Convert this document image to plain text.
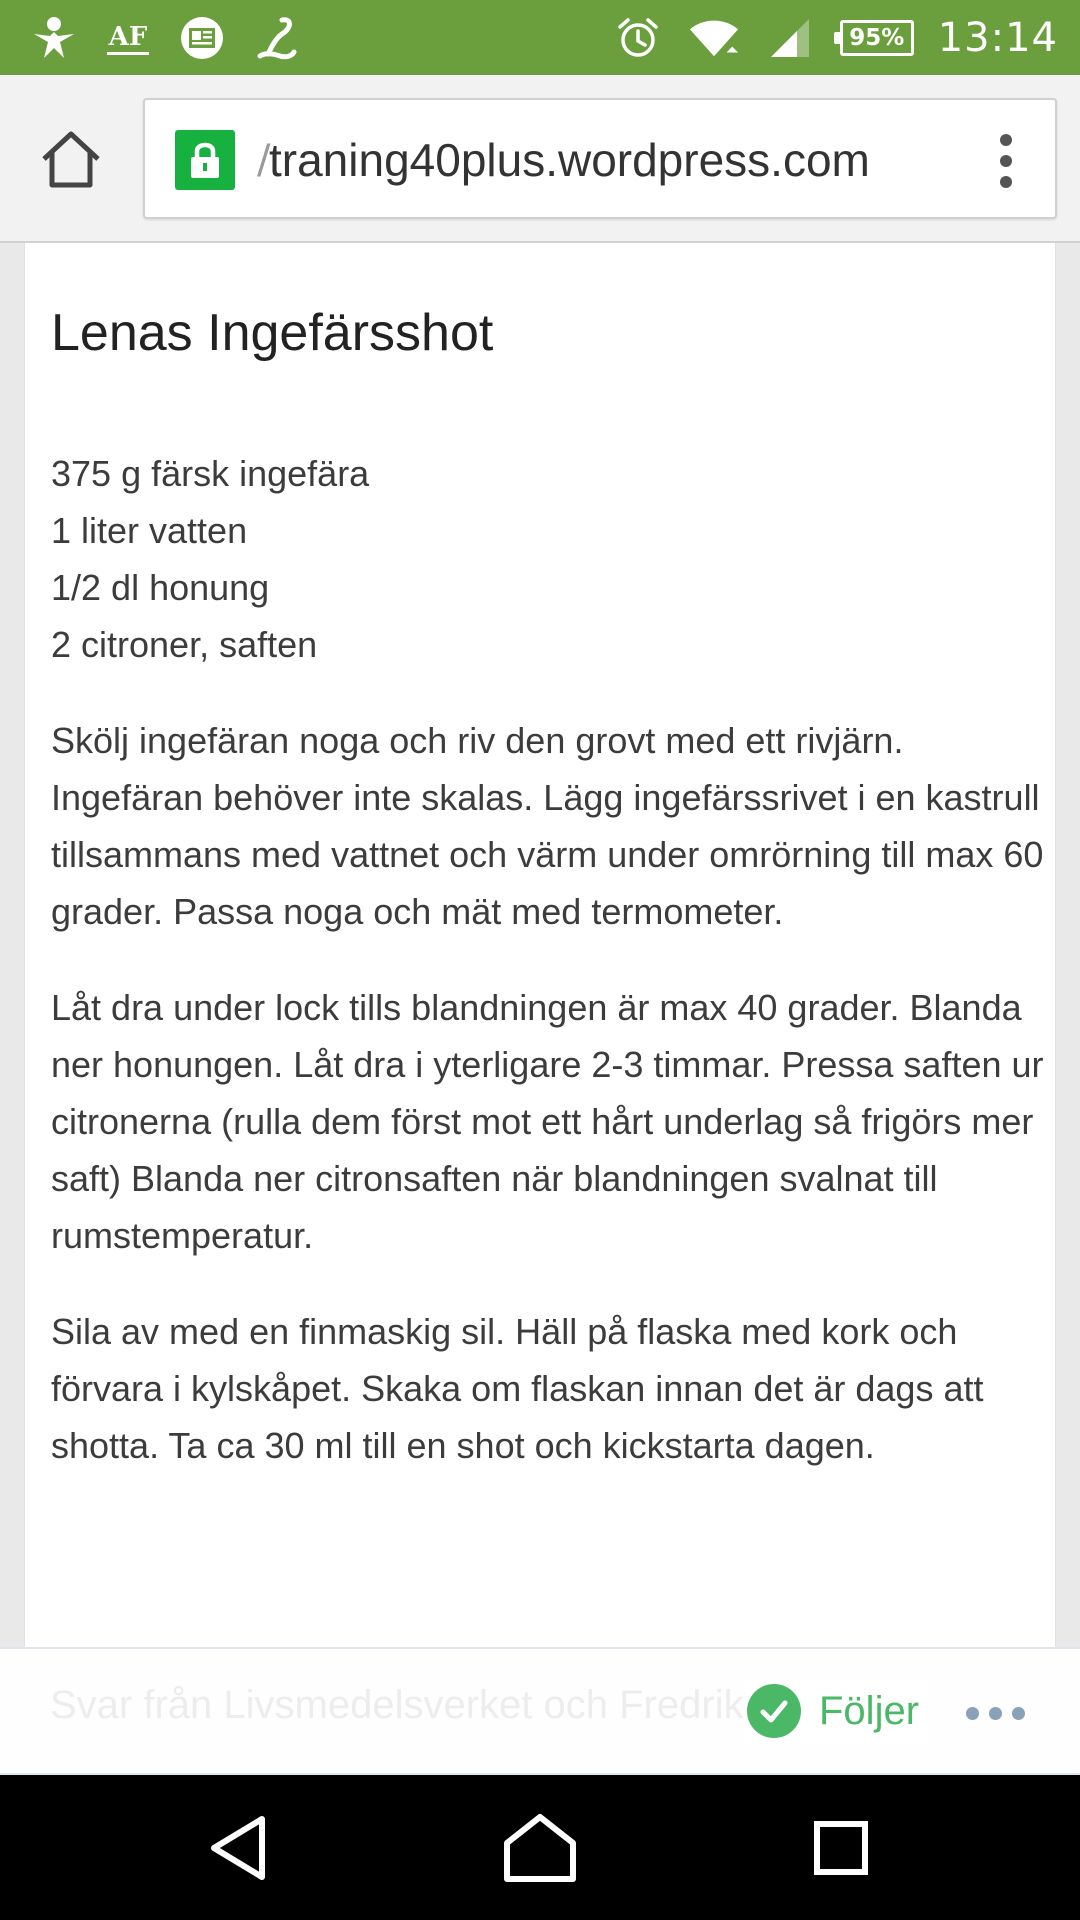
AF	95% 13:14
/
traning40plus.wordpress.com
Lenas Ingefärsshot
375 g färsk ingefära
1 liter vatten
1/2 dl honung
2 citroner, saften

Skölj ingefäran noga och riv den grovt med ett rivjärn. Ingefäran behöver inte skalas. Lägg ingefärssrivet i en kastrull tillsammans med vattnet och värm under omrörning till max 60 grader. Passa noga och mät med termometer.

Låt dra under lock tills blandningen är max 40 grader. Blanda ner honungen. Låt dra i yterligare 2-3 timmar. Pressa saften ur citronerna (rulla dem först mot ett hårt underlag så frigörs mer saft) Blanda ner citronsaften när blandningen svalnat till rumstemperatur.

Sila av med en finmaskig sil. Häll på flaska med kork och förvara i kylskåpet. Skaka om flaskan innan det är dags att shotta. Ta ca 30 ml till en shot och kickstarta dagen.

Svar från Livsmedelsverket och Fredrik Följer
